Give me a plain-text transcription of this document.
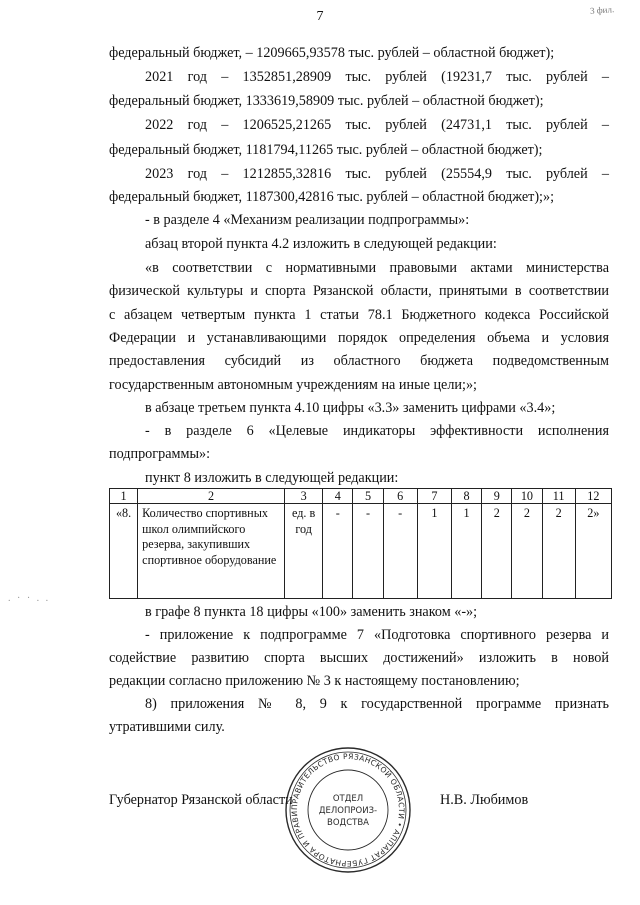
7	3 фил.
. · · . .
федеральный бюджет, – 1209665,93578 тыс. рублей – областной бюджет);
2021 год – 1352851,28909 тыс. рублей (19231,7 тыс. рублей –
федеральный бюджет, 1333619,58909 тыс. рублей – областной бюджет);
2022 год – 1206525,21265 тыс. рублей (24731,1 тыс. рублей –
федеральный бюджет, 1181794,11265 тыс. рублей – областной бюджет);
2023 год – 1212855,32816 тыс. рублей (25554,9 тыс. рублей –
федеральный бюджет, 1187300,42816 тыс. рублей – областной бюджет);»;
- в разделе 4 «Механизм реализации подпрограммы»:
абзац второй пункта 4.2 изложить в следующей редакции:
«в соответствии с нормативными правовыми актами министерства
физической культуры и спорта Рязанской области, принятыми в соответствии
с абзацем четвертым пункта 1 статьи 78.1 Бюджетного кодекса Российской
Федерации и устанавливающими порядок определения объема и условия
предоставления субсидий из областного бюджета подведомственным
ПРАВИТЕЛЬСТВО РЯЗАНСКОЙ ОБЛАСТИ • АППАРАТ ГУБЕРНАТОРА И ПРАВИ
ОТДЕЛ
ДЕЛОПРОИЗ-
ВОДСТВА
государственным автономным учреждениям на иные цели;»;
в абзаце третьем пункта 4.10 цифры «3.3» заменить цифрами «3.4»;
- в разделе 6 «Целевые индикаторы эффективности исполнения
подпрограммы»:
1	2	3	4	5	6	7	8	9	10	11	12
«8.	Количество спортивных школ олимпийского резерва, закупивших спортивное оборудование	ед. в год	-	-	-	1	1	2	2	2	2»
пункт 8 изложить в следующей редакции:
в графе 8 пункта 18 цифры «100» заменить знаком «-»;
- приложение к подпрограмме 7 «Подготовка спортивного резерва и
содействие развитию спорта высших достижений» изложить в новой
редакции согласно приложению № 3 к настоящему постановлению;
8) приложения № 8, 9 к государственной программе признать
утратившими силу.
Губернатор Рязанской области	Н.В. Любимов
